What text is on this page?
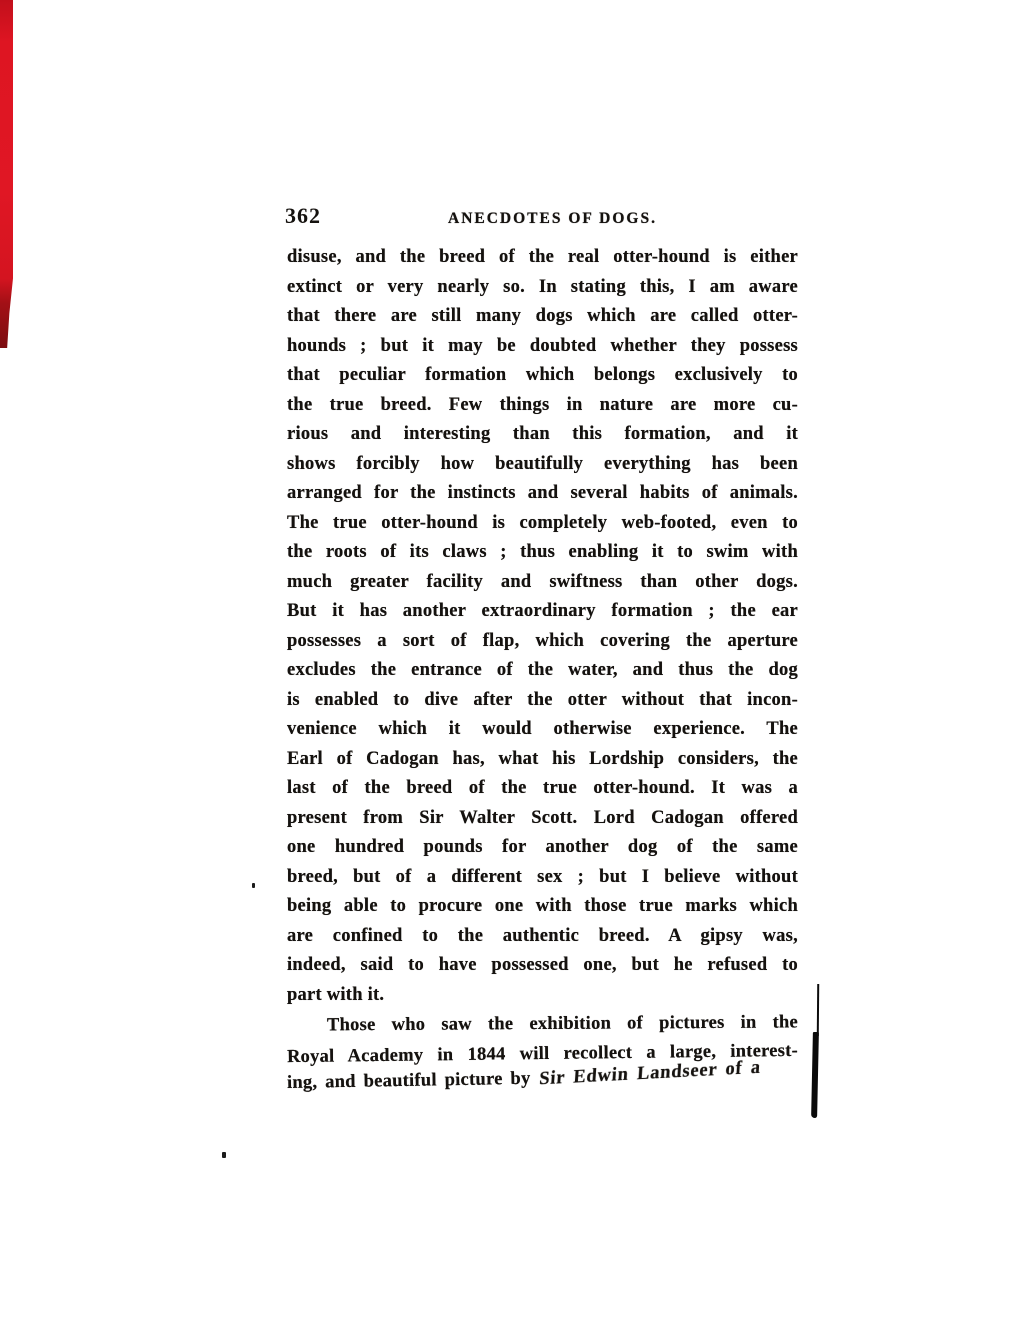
362	ANECDOTES OF DOGS.
disuse, and the breed of the real otter-hound is either
extinct or very nearly so. In stating this, I am aware
that there are still many dogs which are called otter-
hounds ; but it may be doubted whether they possess
that peculiar formation which belongs exclusively to
the true breed. Few things in nature are more cu-
rious and interesting than this formation, and it
shows forcibly how beautifully everything has been
arranged for the instincts and several habits of animals.
The true otter-hound is completely web-footed, even to
the roots of its claws ; thus enabling it to swim with
much greater facility and swiftness than other dogs.
But it has another extraordinary formation ; the ear
possesses a sort of flap, which covering the aperture
excludes the entrance of the water, and thus the dog
is enabled to dive after the otter without that incon-
venience which it would otherwise experience. The
Earl of Cadogan has, what his Lordship considers, the
last of the breed of the true otter-hound. It was a
present from Sir Walter Scott. Lord Cadogan offered
one hundred pounds for another dog of the same
breed, but of a different sex ; but I believe without
being able to procure one with those true marks which
are confined to the authentic breed. A gipsy was,
indeed, said to have possessed one, but he refused to
part with it.
Those who saw the exhibition of pictures in the
Royal Academy in 1844 will recollect a large, interest-
ing, and beautiful picture by Sir Edwin Landseer of a
